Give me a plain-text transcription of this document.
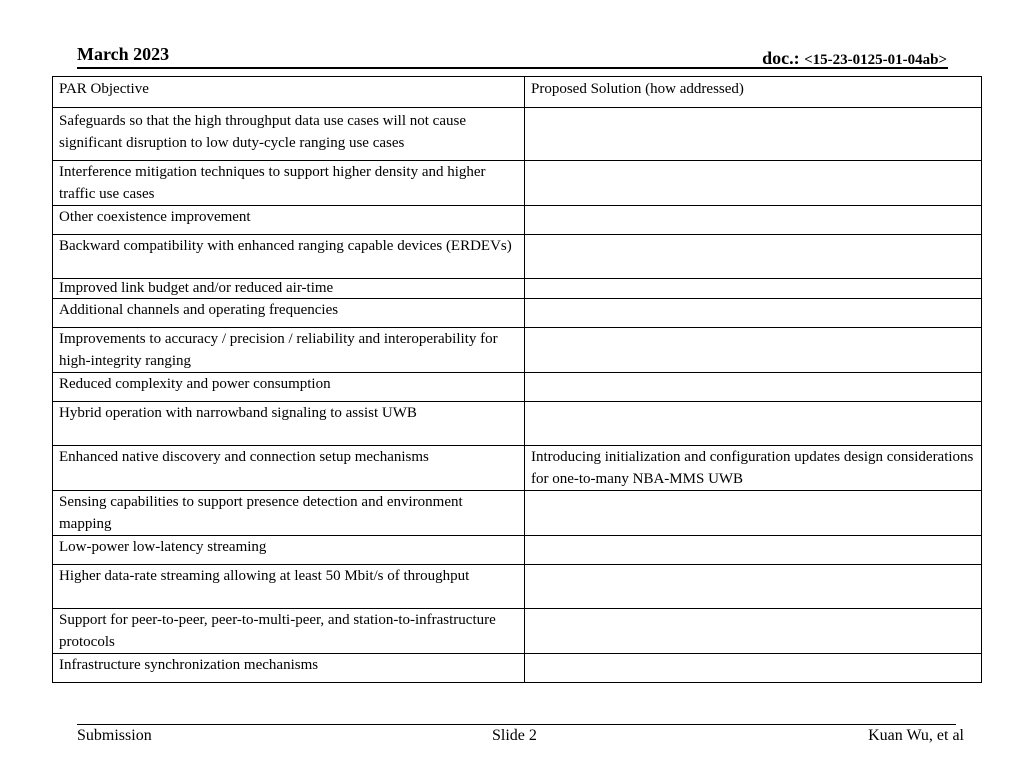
March 2023	doc.: <15-23-0125-01-04ab>
PAR Objective	Proposed Solution (how addressed)
Safeguards so that the high throughput data use cases will not cause significant disruption to low duty-cycle ranging use cases	
Interference mitigation techniques to support higher density and higher traffic use cases	
Other coexistence improvement	
Backward compatibility with enhanced ranging capable devices (ERDEVs)	
Improved link budget and/or reduced air-time	
Additional channels and operating frequencies	
Improvements to accuracy / precision / reliability and interoperability for high-integrity ranging	
Reduced complexity and power consumption	
Hybrid operation with narrowband signaling to assist UWB	
Enhanced native discovery and connection setup mechanisms	Introducing initialization and configuration updates design considerations for one-to-many NBA-MMS UWB
Sensing capabilities to support presence detection and environment mapping	
Low-power low-latency streaming	
Higher data-rate streaming allowing at least 50 Mbit/s of throughput	
Support for peer-to-peer, peer-to-multi-peer, and station-to-infrastructure protocols	
Infrastructure synchronization mechanisms	
Submission	Slide 2	Kuan Wu, et al
